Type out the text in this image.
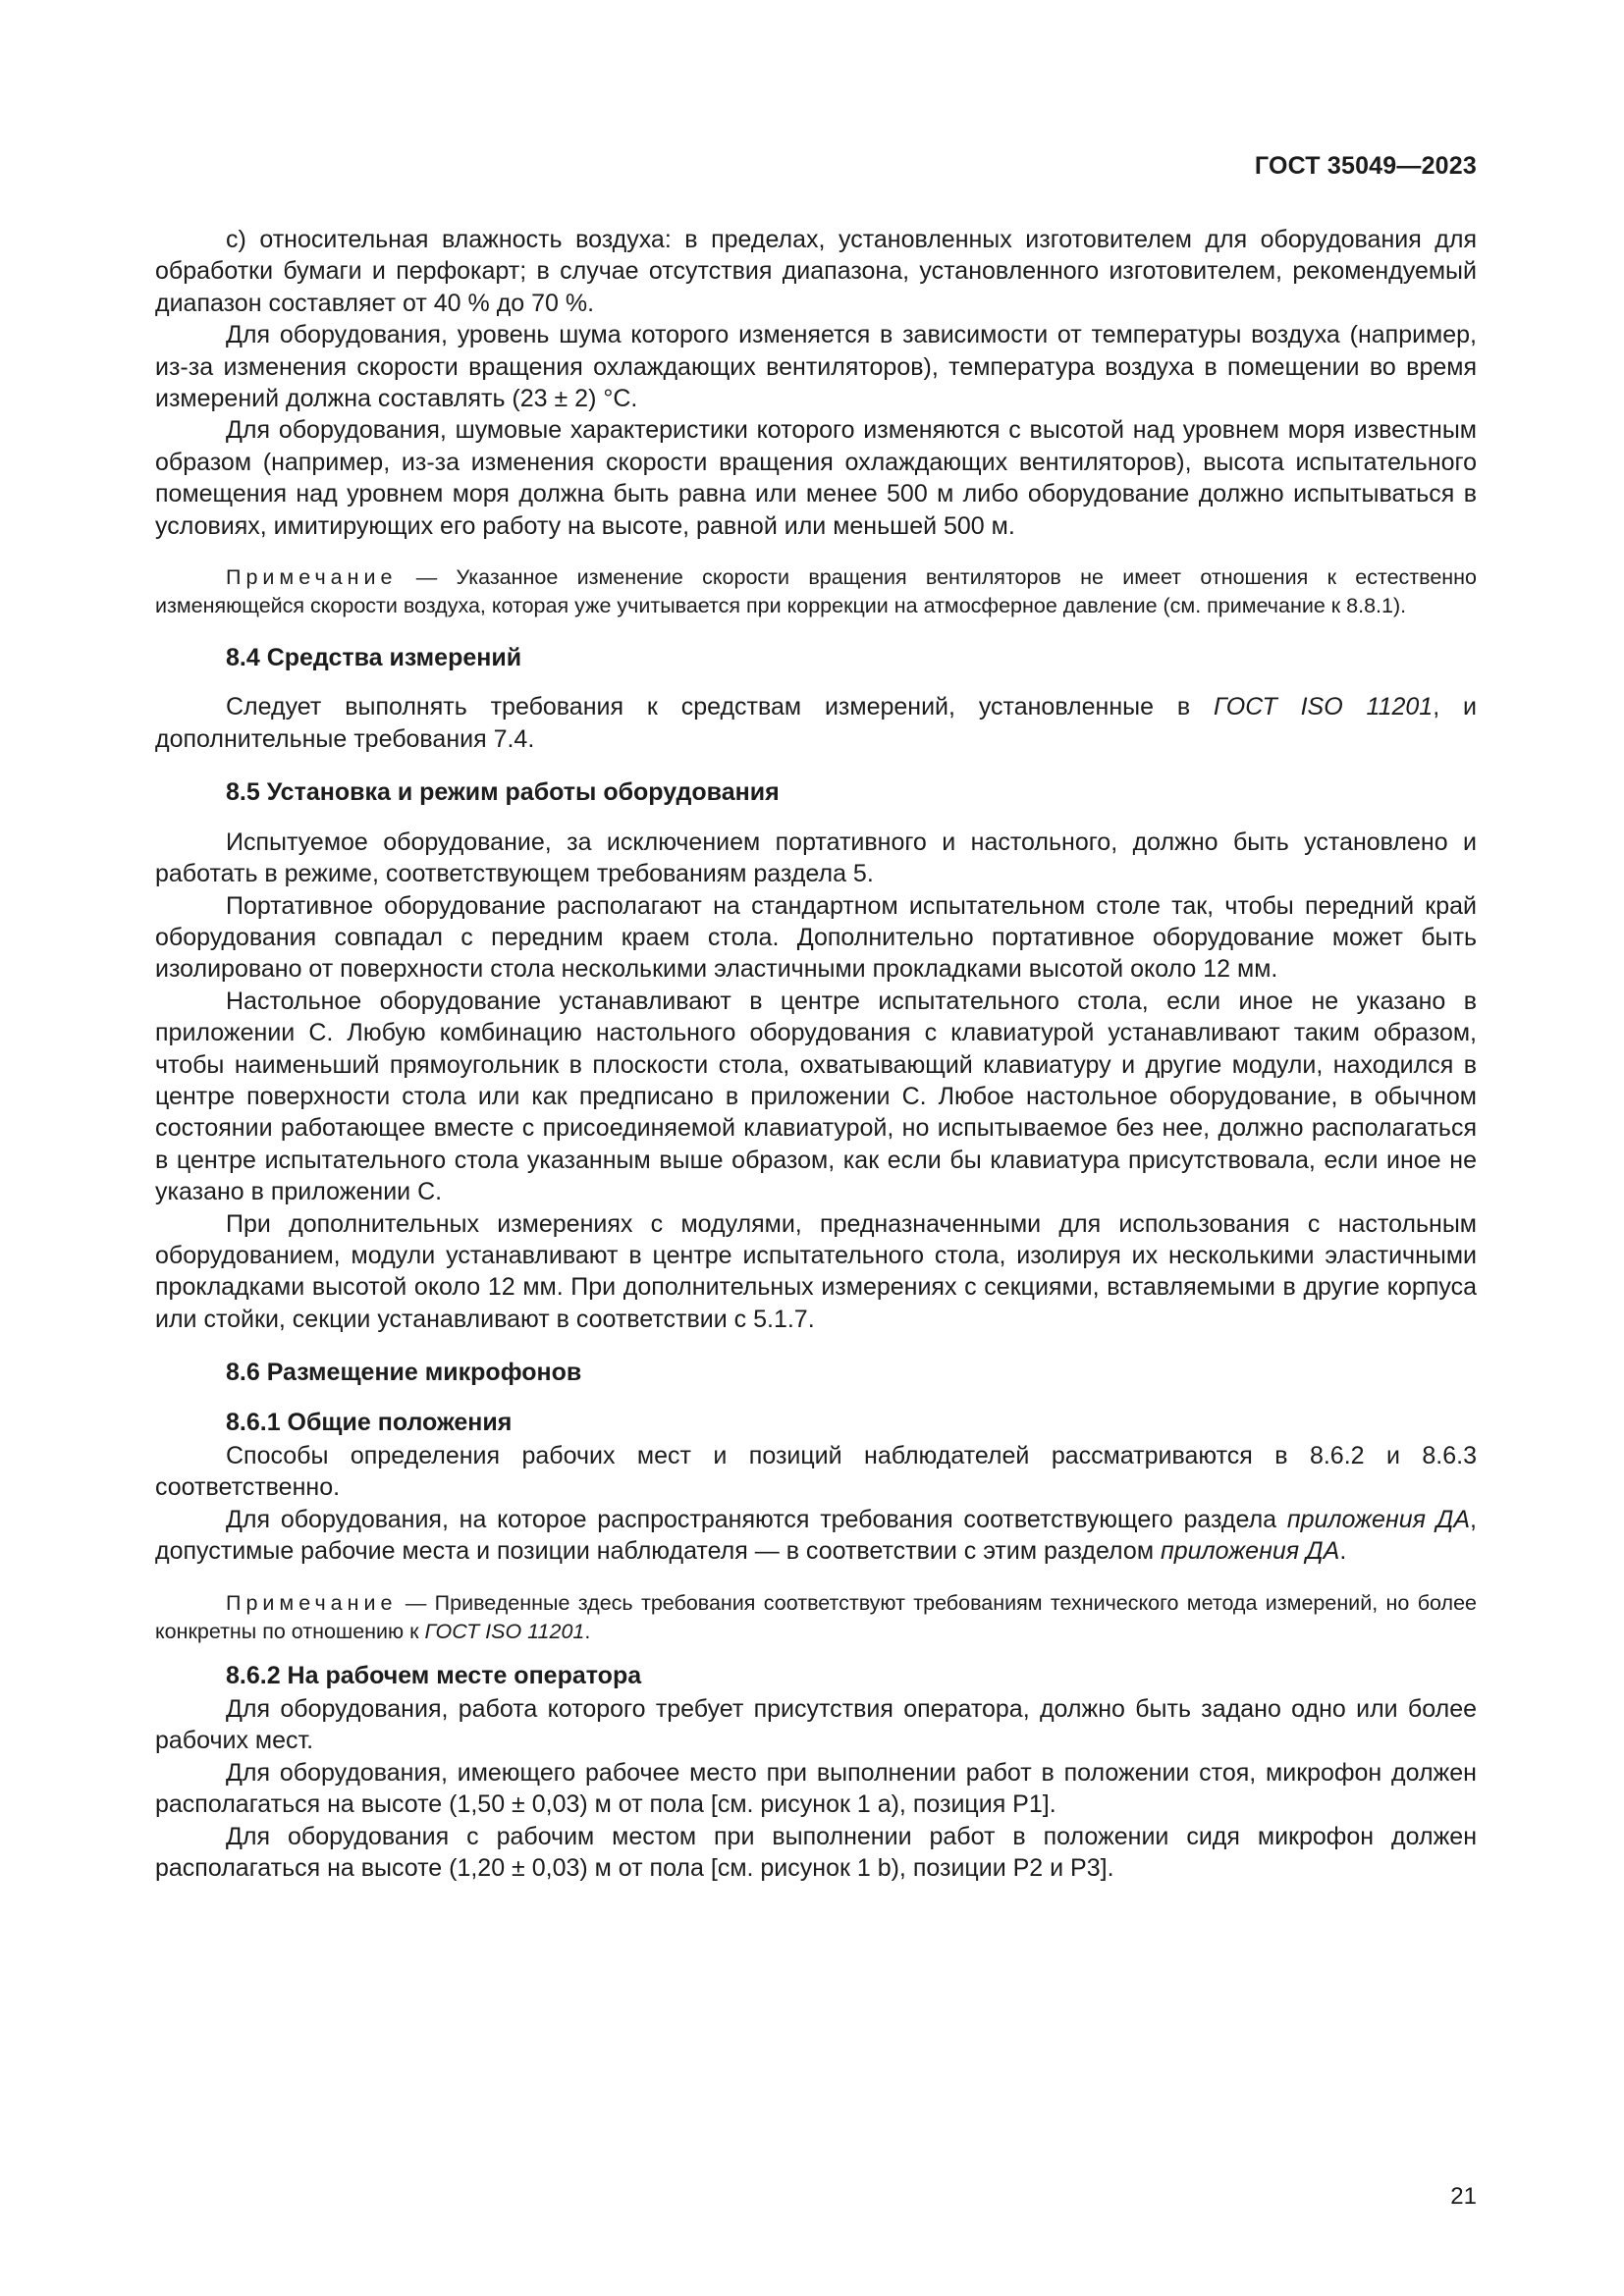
ГОСТ 35049—2023

c) относительная влажность воздуха: в пределах, установленных изготовителем для оборудования для обработки бумаги и перфокарт; в случае отсутствия диапазона, установленного изготовителем, рекомендуемый диапазон составляет от 40 % до 70 %.

Для оборудования, уровень шума которого изменяется в зависимости от температуры воздуха (например, из-за изменения скорости вращения охлаждающих вентиляторов), температура воздуха в помещении во время измерений должна составлять (23 ± 2) °C.

Для оборудования, шумовые характеристики которого изменяются с высотой над уровнем моря известным образом (например, из-за изменения скорости вращения охлаждающих вентиляторов), высота испытательного помещения над уровнем моря должна быть равна или менее 500 м либо оборудование должно испытываться в условиях, имитирующих его работу на высоте, равной или меньшей 500 м.

Примечание — Указанное изменение скорости вращения вентиляторов не имеет отношения к естественно изменяющейся скорости воздуха, которая уже учитывается при коррекции на атмосферное давление (см. примечание к 8.8.1).

8.4 Средства измерений

Следует выполнять требования к средствам измерений, установленные в ГОСТ ISO 11201, и дополнительные требования 7.4.

8.5 Установка и режим работы оборудования

Испытуемое оборудование, за исключением портативного и настольного, должно быть установлено и работать в режиме, соответствующем требованиям раздела 5.

Портативное оборудование располагают на стандартном испытательном столе так, чтобы передний край оборудования совпадал с передним краем стола. Дополнительно портативное оборудование может быть изолировано от поверхности стола несколькими эластичными прокладками высотой около 12 мм.

Настольное оборудование устанавливают в центре испытательного стола, если иное не указано в приложении С. Любую комбинацию настольного оборудования с клавиатурой устанавливают таким образом, чтобы наименьший прямоугольник в плоскости стола, охватывающий клавиатуру и другие модули, находился в центре поверхности стола или как предписано в приложении С. Любое настольное оборудование, в обычном состоянии работающее вместе с присоединяемой клавиатурой, но испытываемое без нее, должно располагаться в центре испытательного стола указанным выше образом, как если бы клавиатура присутствовала, если иное не указано в приложении С.

При дополнительных измерениях с модулями, предназначенными для использования с настольным оборудованием, модули устанавливают в центре испытательного стола, изолируя их несколькими эластичными прокладками высотой около 12 мм. При дополнительных измерениях с секциями, вставляемыми в другие корпуса или стойки, секции устанавливают в соответствии с 5.1.7.

8.6 Размещение микрофонов
8.6.1 Общие положения

Способы определения рабочих мест и позиций наблюдателей рассматриваются в 8.6.2 и 8.6.3 соответственно.

Для оборудования, на которое распространяются требования соответствующего раздела приложения ДА, допустимые рабочие места и позиции наблюдателя — в соответствии с этим разделом приложения ДА.

Примечание — Приведенные здесь требования соответствуют требованиям технического метода измерений, но более конкретны по отношению к ГОСТ ISO 11201.

8.6.2 На рабочем месте оператора

Для оборудования, работа которого требует присутствия оператора, должно быть задано одно или более рабочих мест.

Для оборудования, имеющего рабочее место при выполнении работ в положении стоя, микрофон должен располагаться на высоте (1,50 ± 0,03) м от пола [см. рисунок 1 а), позиция Р1].

Для оборудования с рабочим местом при выполнении работ в положении сидя микрофон должен располагаться на высоте (1,20 ± 0,03) м от пола [см. рисунок 1 b), позиции Р2 и Р3].

21
